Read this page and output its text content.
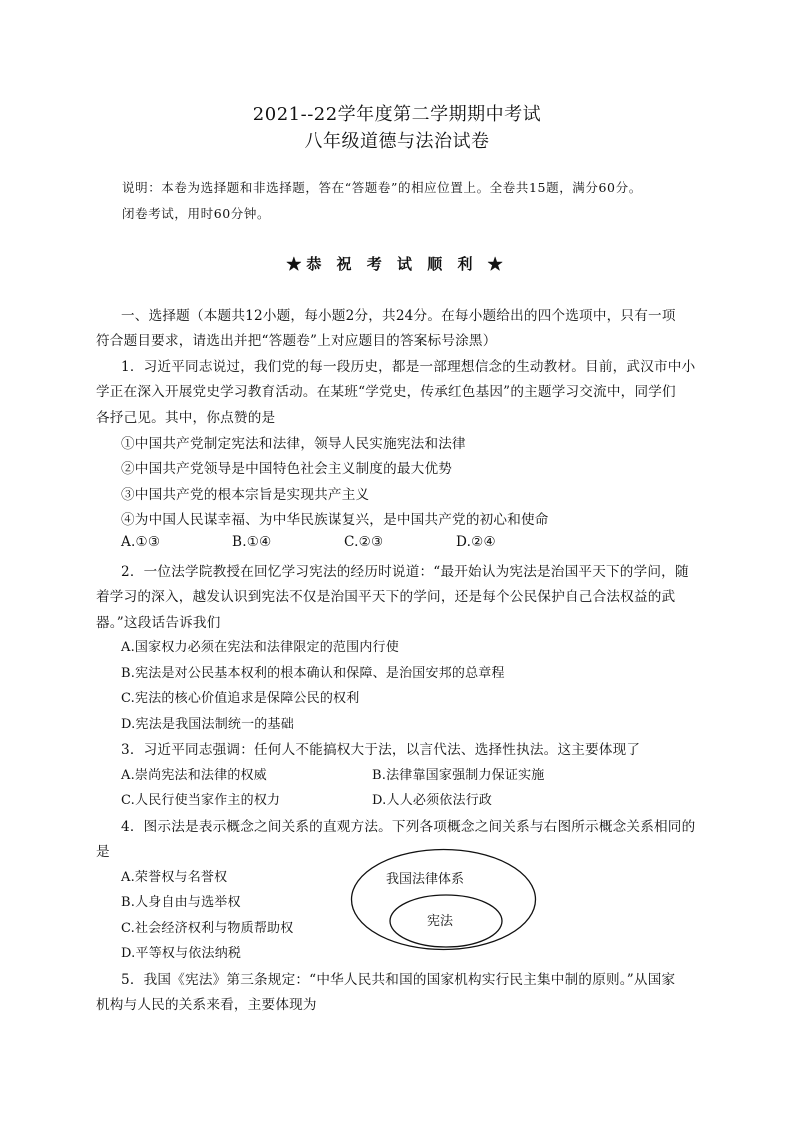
2021--22学年度第二学期期中考试
八年级道德与法治试卷
说明：本卷为选择题和非选择题，答在“答题卷”的相应位置上。全卷共15题，满分60分。
闭卷考试，用时60分钟。
★恭 祝 考 试 顺 利 ★
一、选择题（本题共12小题，每小题2分，共24分。在每小题给出的四个选项中，只有一项
符合题目要求，请选出并把“答题卷”上对应题目的答案标号涂黑）
1．习近平同志说过，我们党的每一段历史，都是一部理想信念的生动教材。目前，武汉市中小
学正在深入开展党史学习教育活动。在某班“学党史，传承红色基因”的主题学习交流中，同学们
各抒己见。其中，你点赞的是
①中国共产党制定宪法和法律，领导人民实施宪法和法律
②中国共产党领导是中国特色社会主义制度的最大优势
③中国共产党的根本宗旨是实现共产主义
④为中国人民谋幸福、为中华民族谋复兴，是中国共产党的初心和使命
A.①③	B.①④	C.②③	D.②④
2．一位法学院教授在回忆学习宪法的经历时说道：“最开始认为宪法是治国平天下的学问，随
着学习的深入，越发认识到宪法不仅是治国平天下的学问，还是每个公民保护自己合法权益的武
器。”这段话告诉我们
A.国家权力必须在宪法和法律限定的范围内行使
B.宪法是对公民基本权利的根本确认和保障、是治国安邦的总章程
C.宪法的核心价值追求是保障公民的权利
D.宪法是我国法制统一的基础
3．习近平同志强调：任何人不能搞权大于法，以言代法、选择性执法。这主要体现了
A.崇尚宪法和法律的权威	B.法律靠国家强制力保证实施
C.人民行使当家作主的权力	D.人人必须依法行政
4．图示法是表示概念之间关系的直观方法。下列各项概念之间关系与右图所示概念关系相同的
是
A.荣誉权与名誉权
B.人身自由与选举权
C.社会经济权利与物质帮助权
D.平等权与依法纳税
我国法律体系
宪法
5．我国《宪法》第三条规定：“中华人民共和国的国家机构实行民主集中制的原则。”从国家
机构与人民的关系来看，主要体现为
